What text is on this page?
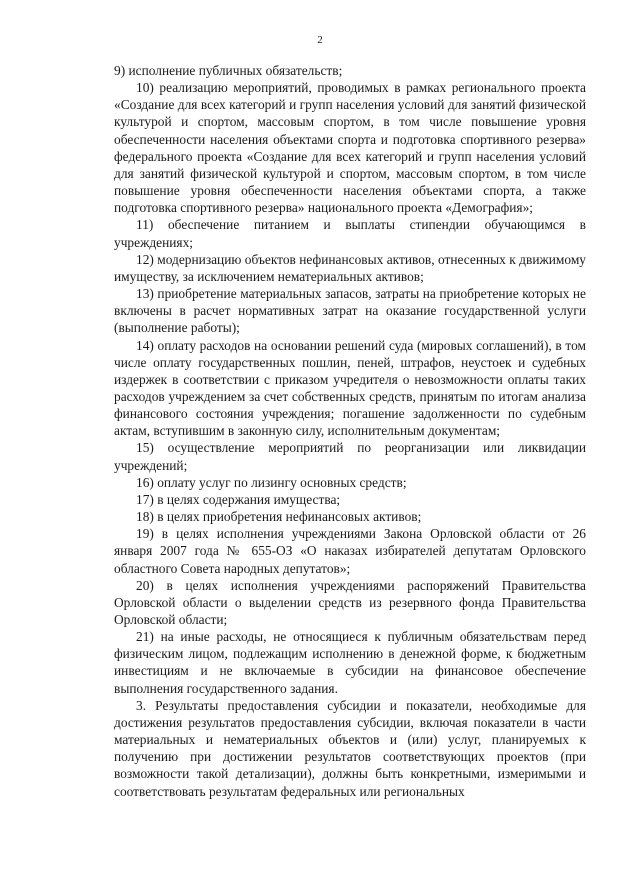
2

9) исполнение публичных обязательств;

10) реализацию мероприятий, проводимых в рамках регионального проекта «Создание для всех категорий и групп населения условий для занятий физической культурой и спортом, массовым спортом, в том числе повышение уровня обеспеченности населения объектами спорта и подготовка спортивного резерва» федерального проекта «Создание для всех категорий и групп населения условий для занятий физической культурой и спортом, массовым спортом, в том числе повышение уровня обеспеченности населения объектами спорта, а также подготовка спортивного резерва» национального проекта «Демография»;

11) обеспечение питанием и выплаты стипендии обучающимся в учреждениях;

12) модернизацию объектов нефинансовых активов, отнесенных к движимому имуществу, за исключением нематериальных активов;

13) приобретение материальных запасов, затраты на приобретение которых не включены в расчет нормативных затрат на оказание государственной услуги (выполнение работы);

14) оплату расходов на основании решений суда (мировых соглашений), в том числе оплату государственных пошлин, пеней, штрафов, неустоек и судебных издержек в соответствии с приказом учредителя о невозможности оплаты таких расходов учреждением за счет собственных средств, принятым по итогам анализа финансового состояния учреждения; погашение задолженности по судебным актам, вступившим в законную силу, исполнительным документам;

15) осуществление мероприятий по реорганизации или ликвидации учреждений;

16) оплату услуг по лизингу основных средств;

17) в целях содержания имущества;

18) в целях приобретения нефинансовых активов;

19) в целях исполнения учреждениями Закона Орловской области от 26 января 2007 года № 655-ОЗ «О наказах избирателей депутатам Орловского областного Совета народных депутатов»;

20) в целях исполнения учреждениями распоряжений Правительства Орловской области о выделении средств из резервного фонда Правительства Орловской области;

21) на иные расходы, не относящиеся к публичным обязательствам перед физическим лицом, подлежащим исполнению в денежной форме, к бюджетным инвестициям и не включаемые в субсидии на финансовое обеспечение выполнения государственного задания.

3. Результаты предоставления субсидии и показатели, необходимые для достижения результатов предоставления субсидии, включая показатели в части материальных и нематериальных объектов и (или) услуг, планируемых к получению при достижении результатов соответствующих проектов (при возможности такой детализации), должны быть конкретными, измеримыми и соответствовать результатам федеральных или региональных
